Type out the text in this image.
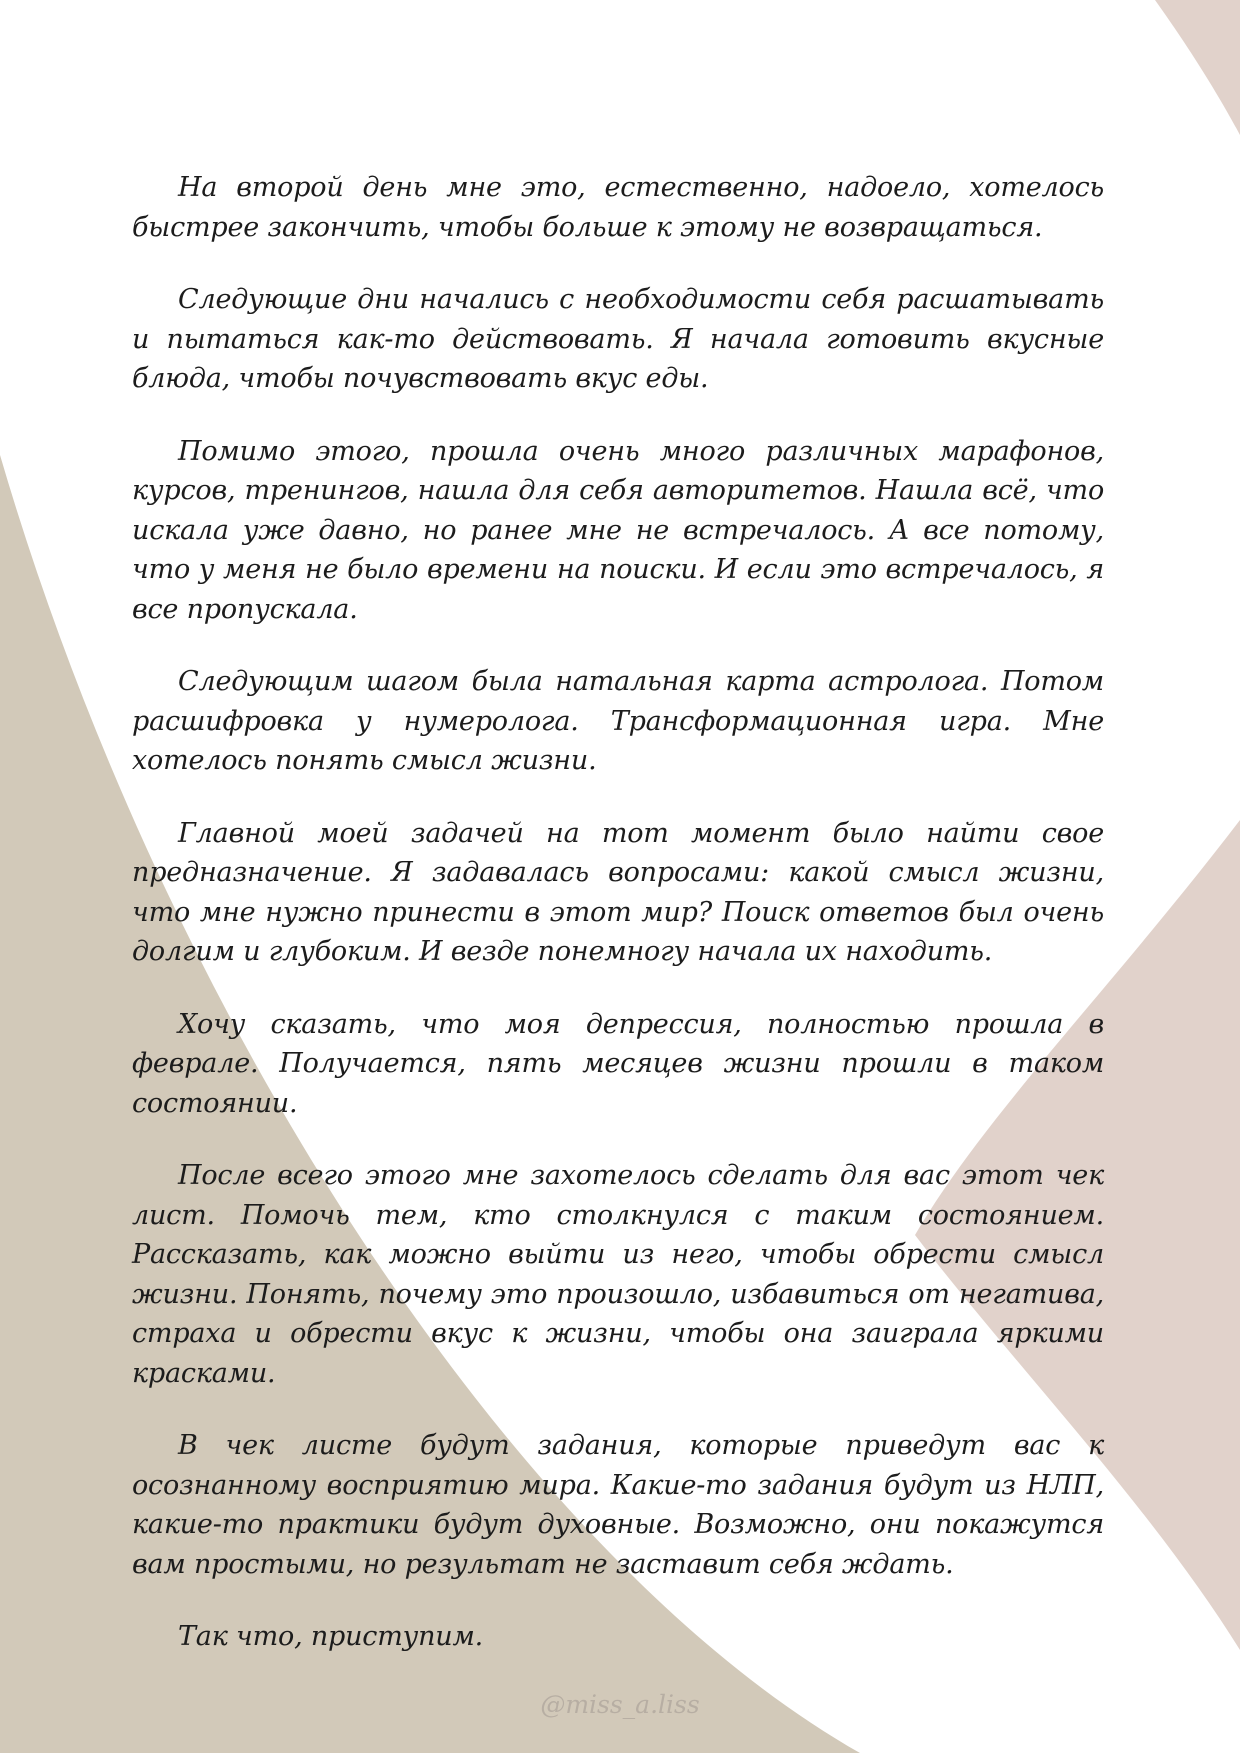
На второй день мне это, естественно, надоело, хотелось быстрее закончить, чтобы больше к этому не возвращаться.

Следующие дни начались с необходимости себя расшатывать и пытаться как-то действовать. Я начала готовить вкусные блюда, чтобы почувствовать вкус еды.

Помимо этого, прошла очень много различных марафонов, курсов, тренингов, нашла для себя авторитетов. Нашла всё, что искала уже давно, но ранее мне не встречалось. А все потому, что у меня не было времени на поиски. И если это встречалось, я все пропускала.

Следующим шагом была натальная карта астролога. Потом расшифровка у нумеролога. Трансформационная игра. Мне хотелось понять смысл жизни.

Главной моей задачей на тот момент было найти свое предназначение. Я задавалась вопросами: какой смысл жизни, что мне нужно принести в этот мир? Поиск ответов был очень долгим и глубоким. И везде понемногу начала их находить.

Хочу сказать, что моя депрессия, полностью прошла в феврале. Получается, пять месяцев жизни прошли в таком состоянии.

После всего этого мне захотелось сделать для вас этот чек лист. Помочь тем, кто столкнулся с таким состоянием. Рассказать, как можно выйти из него, чтобы обрести смысл жизни. Понять, почему это произошло, избавиться от негатива, страха и обрести вкус к жизни, чтобы она заиграла яркими красками.

В чек листе будут задания, которые приведут вас к осознанному восприятию мира. Какие-то задания будут из НЛП, какие-то практики будут духовные. Возможно, они покажутся вам простыми, но результат не заставит себя ждать.

Так что, приступим.

@miss_a.liss
